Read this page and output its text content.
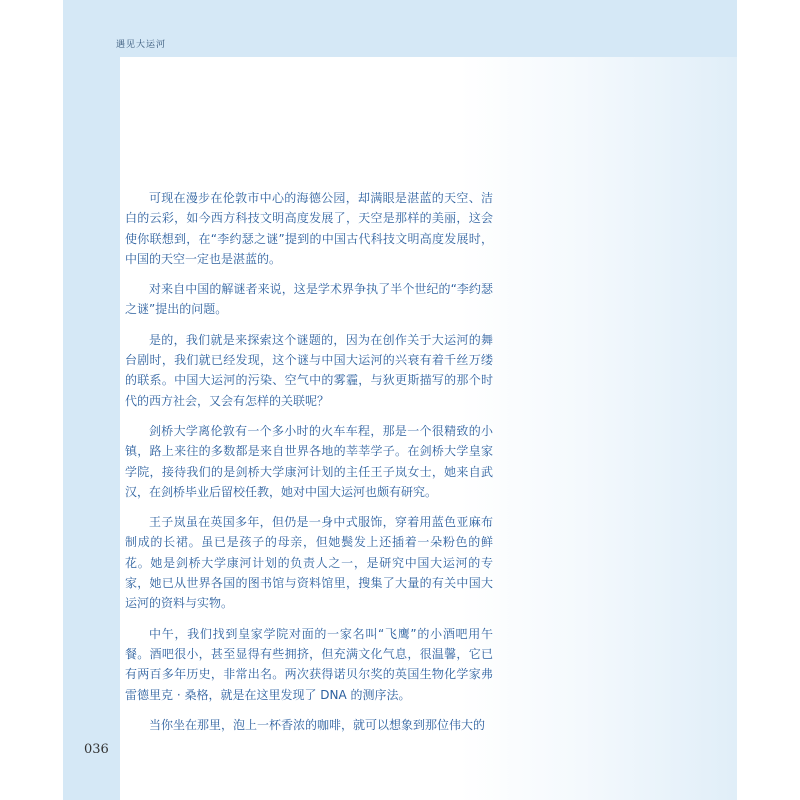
遇见大运河

可现在漫步在伦敦市中心的海德公园，却满眼是湛蓝的天空、洁白的云彩，如今西方科技文明高度发展了，天空是那样的美丽，这会使你联想到，在“李约瑟之谜”提到的中国古代科技文明高度发展时，中国的天空一定也是湛蓝的。

对来自中国的解谜者来说，这是学术界争执了半个世纪的“李约瑟之谜”提出的问题。

是的，我们就是来探索这个谜题的，因为在创作关于大运河的舞台剧时，我们就已经发现，这个谜与中国大运河的兴衰有着千丝万缕的联系。中国大运河的污染、空气中的雾霾，与狄更斯描写的那个时代的西方社会，又会有怎样的关联呢？

剑桥大学离伦敦有一个多小时的火车车程，那是一个很精致的小镇，路上来往的多数都是来自世界各地的莘莘学子。在剑桥大学皇家学院，接待我们的是剑桥大学康河计划的主任王子岚女士，她来自武汉，在剑桥毕业后留校任教，她对中国大运河也颇有研究。

王子岚虽在英国多年，但仍是一身中式服饰，穿着用蓝色亚麻布制成的长裙。虽已是孩子的母亲，但她鬓发上还插着一朵粉色的鲜花。她是剑桥大学康河计划的负责人之一，是研究中国大运河的专家，她已从世界各国的图书馆与资料馆里，搜集了大量的有关中国大运河的资料与实物。

中午，我们找到皇家学院对面的一家名叫“飞鹰”的小酒吧用午餐。酒吧很小，甚至显得有些拥挤，但充满文化气息，很温馨，它已有两百多年历史，非常出名。两次获得诺贝尔奖的英国生物化学家弗雷德里克 · 桑格，就是在这里发现了 DNA 的测序法。

当你坐在那里，泡上一杯香浓的咖啡，就可以想象到那位伟大的

036
